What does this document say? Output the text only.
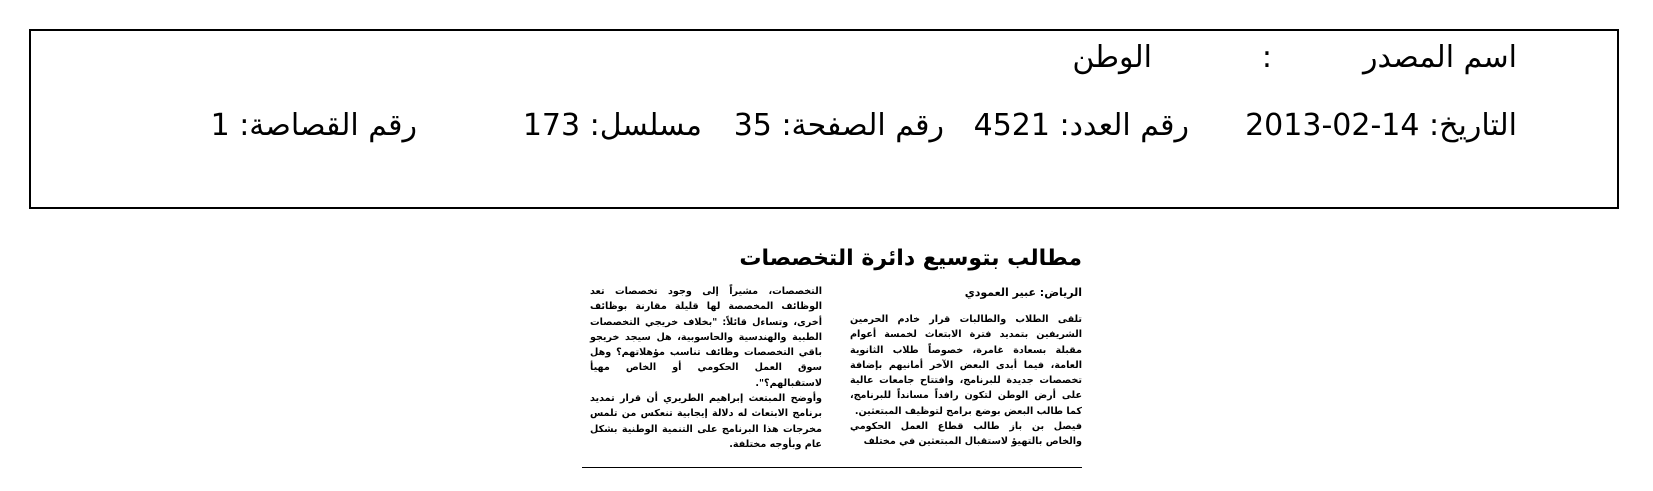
اسم المصدر
:
الوطن
التاريخ: 14-02-2013
رقم العدد: 4521
رقم الصفحة: 35
مسلسل: 173
رقم القصاصة: 1
مطالب بتوسيع دائرة التخصصات
الرياض: عبير العمودي

تلقى الطلاب والطالبات قرار خادم الحرمين الشريفين بتمديد فترة الابتعاث لخمسة أعوام مقبلة بسعادة غامرة، خصوصاً طلاب الثانوية العامة، فيما أبدى البعض الآخر أمانيهم بإضافة تخصصات جديدة للبرنامج، وافتتاح جامعات عالية على أرض الوطن لتكون رافداً مسانداً للبرنامج، كما طالب البعض بوضع برامج لتوظيف المبتعثين.

فيصل بن باز طالب قطاع العمل الحكومي والخاص بالتهيؤ لاستقبال المبتعثين في مختلف

التخصصات، مشيراً إلى وجود تخصصات تعد الوظائف المخصصة لها قليلة مقارنة بوظائف أخرى، وتساءل قائلاً: "بخلاف خريجي التخصصات الطبية والهندسية والحاسوبية، هل سيجد خريجو باقي التخصصات وظائف تناسب مؤهلاتهم؟ وهل سوق العمل الحكومي أو الخاص مهيأ لاستقبالهم؟".

وأوضح المبتعث إبراهيم الطريري أن قرار تمديد برنامج الابتعاث له دلالة إيجابية تنعكس من تلمس مخرجات هذا البرنامج على التنمية الوطنية بشكل عام وبأوجه مختلفة.
